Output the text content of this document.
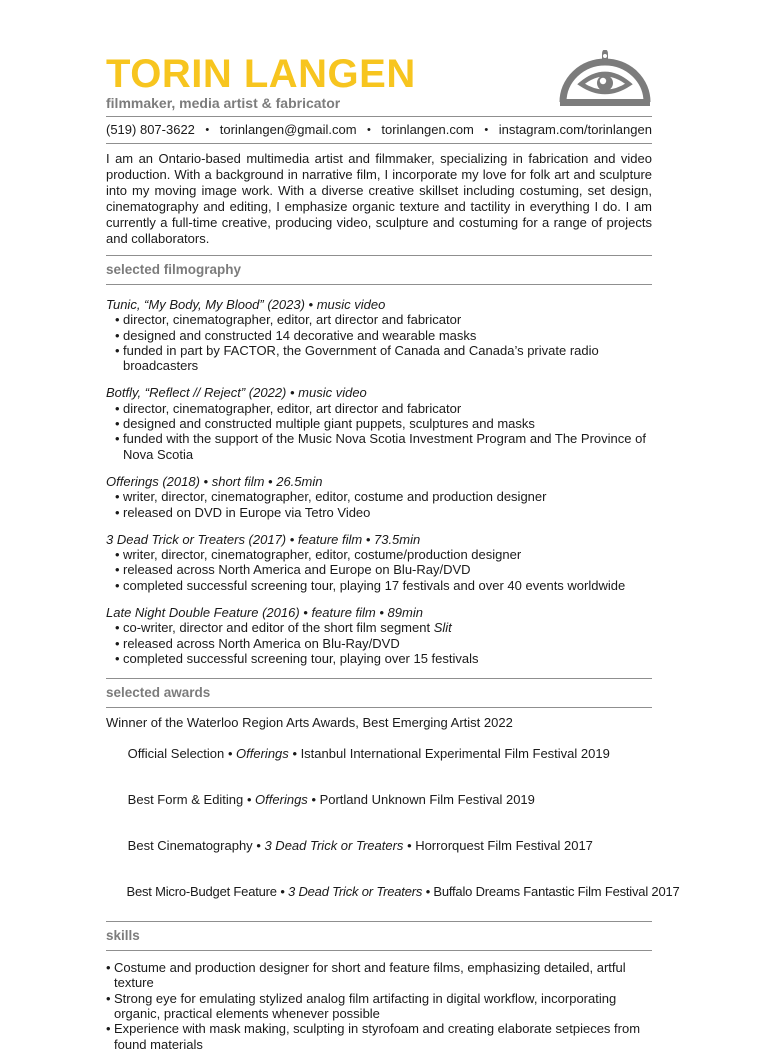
TORIN LANGEN
filmmaker, media artist & fabricator
(519) 807-3622 • torinlangen@gmail.com • torinlangen.com • instagram.com/torinlangen

I am an Ontario-based multimedia artist and filmmaker, specializing in fabrication and video production. With a background in narrative film, I incorporate my love for folk art and sculpture into my moving image work. With a diverse creative skillset including costuming, set design, cinematography and editing, I emphasize organic texture and tactility in everything I do. I am currently a full-time creative, producing video, sculpture and costuming for a range of projects and collaborators.

selected filmography
Tunic, “My Body, My Blood” (2023) • music video
• director, cinematographer, editor, art director and fabricator
• designed and constructed 14 decorative and wearable masks
• funded in part by FACTOR, the Government of Canada and Canada’s private radio broadcasters
Botfly, “Reflect // Reject” (2022) • music video
• director, cinematographer, editor, art director and fabricator
• designed and constructed multiple giant puppets, sculptures and masks
• funded with the support of the Music Nova Scotia Investment Program and The Province of Nova Scotia
Offerings (2018) • short film • 26.5min
• writer, director, cinematographer, editor, costume and production designer
• released on DVD in Europe via Tetro Video
3 Dead Trick or Treaters (2017) • feature film • 73.5min
• writer, director, cinematographer, editor, costume/production designer
• released across North America and Europe on Blu-Ray/DVD
• completed successful screening tour, playing 17 festivals and over 40 events worldwide
Late Night Double Feature (2016) • feature film • 89min
• co-writer, director and editor of the short film segment Slit
• released across North America on Blu-Ray/DVD
• completed successful screening tour, playing over 15 festivals
selected awards
Winner of the Waterloo Region Arts Awards, Best Emerging Artist 2022

Official Selection • Offerings • Istanbul International Experimental Film Festival 2019

Best Form & Editing • Offerings • Portland Unknown Film Festival 2019

Best Cinematography • 3 Dead Trick or Treaters • Horrorquest Film Festival 2017

Best Micro-Budget Feature • 3 Dead Trick or Treaters • Buffalo Dreams Fantastic Film Festival 2017

skills
• Costume and production designer for short and feature films, emphasizing detailed, artful texture
• Strong eye for emulating stylized analog film artifacting in digital workflow, incorporating organic, practical elements whenever possible
• Experience with mask making, sculpting in styrofoam and creating elaborate setpieces from found materials
